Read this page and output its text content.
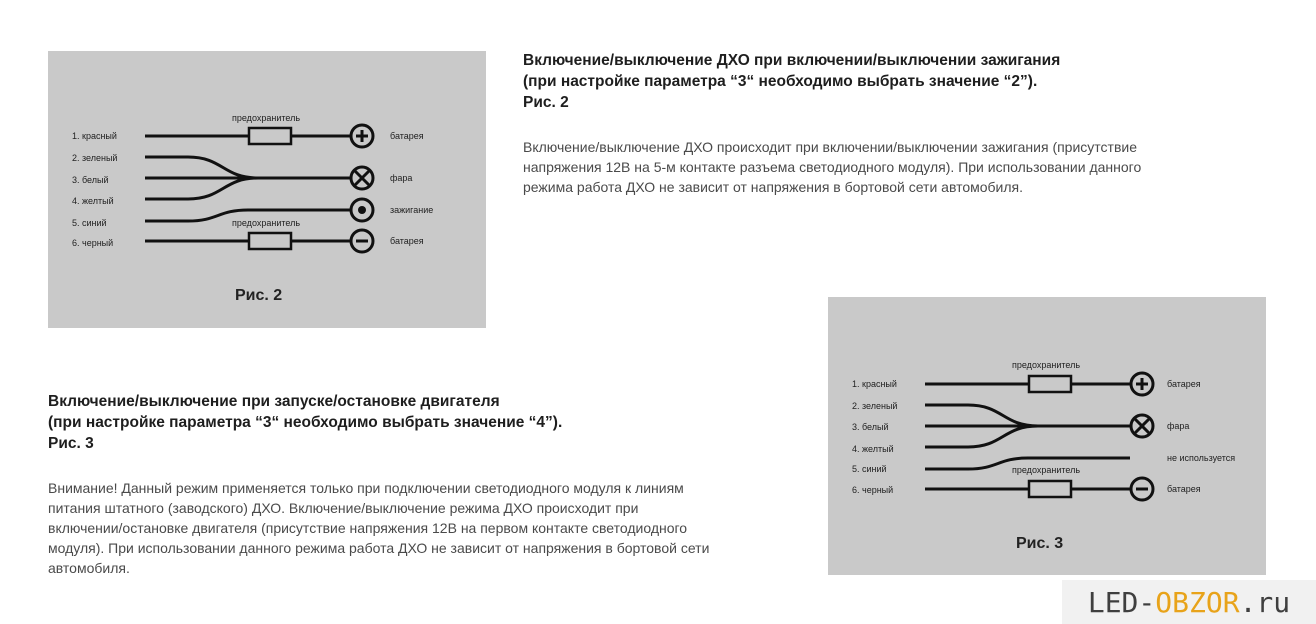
1. красный
2. зеленый
3. белый
4. желтый
5. синий
6. черный
предохранитель
предохранитель
батарея
фара
зажигание
батарея
Рис. 2
Включение/выключение ДХО при включении/выключении зажигания
(при настройке параметра “3“ необходимо выбрать значение “2”).
Рис. 2
Включение/выключение ДХО происходит при включении/выключении зажигания (присутствие
напряжения 12В на 5-м контакте разъема светодиодного модуля). При использовании данного
режима работа ДХО не зависит от напряжения в бортовой сети автомобиля.
Включение/выключение при запуске/остановке двигателя
(при настройке параметра “3“ необходимо выбрать значение “4”).
Рис. 3
Внимание! Данный режим применяется только при подключении светодиодного модуля к линиям
питания штатного (заводского) ДХО. Включение/выключение режима ДХО происходит при
включении/остановке двигателя (присутствие напряжения 12В на первом контакте светодиодного
модуля). При использовании данного режима работа ДХО не зависит от напряжения в бортовой сети
автомобиля.
1. красный
2. зеленый
3. белый
4. желтый
5. синий
6. черный
предохранитель
предохранитель
батарея
фара
не используется
батарея
Рис. 3
LED- OBZOR .ru
